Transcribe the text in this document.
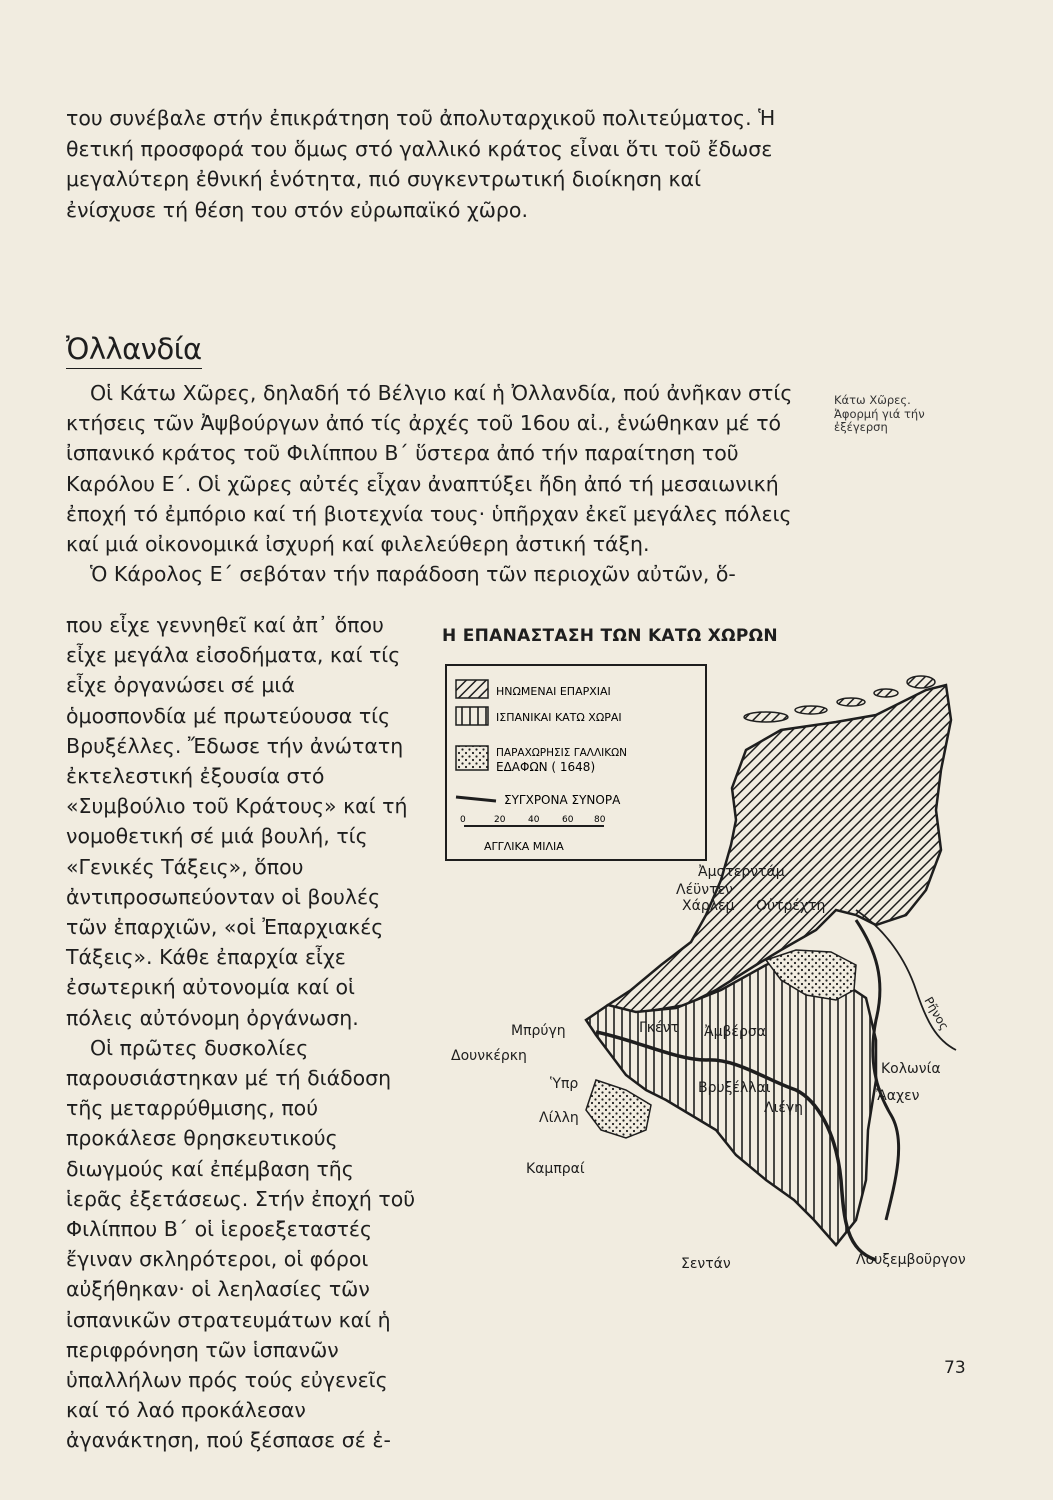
του συνέβαλε στήν ἐπικράτηση τοῦ ἀπολυταρχικοῦ πολιτεύματος. Ἡ θετική προσφορά του ὅμως στό γαλλικό κράτος εἶναι ὅτι τοῦ ἔδωσε μεγαλύτερη ἐθνική ἑνότητα, πιό συγκεντρωτική διοίκηση καί ἐνίσχυσε τή θέση του στόν εὐρωπαϊκό χῶρο.

Ὀλλανδία

Οἱ Κάτω Χῶρες, δηλαδή τό Βέλγιο καί ἡ Ὀλλανδία, πού ἀνῆκαν στίς κτήσεις τῶν Ἀψβούργων ἀπό τίς ἀρχές τοῦ 16ου αἰ., ἑνώθηκαν μέ τό ἰσπανικό κράτος τοῦ Φιλίππου Β΄ ὕστερα ἀπό τήν παραίτηση τοῦ Καρόλου Ε΄. Οἱ χῶρες αὐτές εἶχαν ἀναπτύξει ἤδη ἀπό τή μεσαιωνική ἐποχή τό ἐμπόριο καί τή βιοτεχνία τους· ὑπῆρχαν ἐκεῖ μεγάλες πόλεις καί μιά οἰκονομικά ἰσχυρή καί φιλελεύθερη ἀστική τάξη.

Ὁ Κάρολος Ε΄ σεβόταν τήν παράδοση τῶν περιοχῶν αὐτῶν, ὅ-

Κάτω Χῶρες.
Ἀφορμή γιά τήν ἐξέγερση

που εἶχε γεννηθεῖ καί ἀπ᾽ ὅπου εἶχε μεγάλα εἰσοδήματα, καί τίς εἶχε ὀργανώσει σέ μιά ὁμοσπονδία μέ πρωτεύουσα τίς Βρυξέλλες. Ἔδωσε τήν ἀνώτατη ἐκτελεστική ἐξουσία στό «Συμβούλιο τοῦ Κράτους» καί τή νομοθετική σέ μιά βουλή, τίς «Γενικές Τάξεις», ὅπου ἀντιπροσωπεύονταν οἱ βουλές τῶν ἐπαρχιῶν, «οἱ Ἐπαρχιακές Τάξεις». Κάθε ἐπαρχία εἶχε ἐσωτερική αὐτονομία καί οἱ πόλεις αὐτόνομη ὀργάνωση.

Οἱ πρῶτες δυσκολίες παρουσιάστηκαν μέ τή διάδοση τῆς μεταρρύθμισης, πού προκάλεσε θρησκευτικούς διωγμούς καί ἐπέμβαση τῆς ἱερᾶς ἐξετάσεως. Στήν ἐποχή τοῦ Φιλίππου Β΄ οἱ ἱεροεξεταστές ἔγιναν σκληρότεροι, οἱ φόροι αὐξήθηκαν· οἱ λεηλασίες τῶν ἰσπανικῶν στρατευμάτων καί ἡ περιφρόνηση τῶν ἱσπανῶν ὑπαλλήλων πρός τούς εὐγενεῖς καί τό λαό προκάλεσαν ἀγανάκτηση, πού ξέσπασε σέ ἐ-

Η ΕΠΑΝΑΣΤΑΣΗ ΤΩΝ ΚΑΤΩ ΧΩΡΩΝ
ΗΝΩΜΕΝΑΙ ΕΠΑΡΧΙΑΙ
ΙΣΠΑΝΙΚΑΙ ΚΑΤΩ ΧΩΡΑΙ
ΠΑΡΑΧΩΡΗΣΙΣ ΓΑΛΛΙΚΩΝ
ΕΔΑΦΩΝ ( 1648)
ΣΥΓΧΡΟΝΑ ΣΥΝΟΡΑ
0	20	40	60 80
ΑΓΓΛΙΚΑ ΜΙΛΙΑ
Ἀμστερντάμ
Λέϋντεν
Χάρλεμ Οὐτρέχτη
Μπρύγη
Δουνκέρκη
Γκέντ Ἀμβέρσα
Κολωνία
Ὑπρ	Βρυξέλλαι	Ἄαχεν
Λίλλη
Λιέγη
Ρῆνος
Καμπραί
Σεντάν	Λουξεμβοῦργον
73
